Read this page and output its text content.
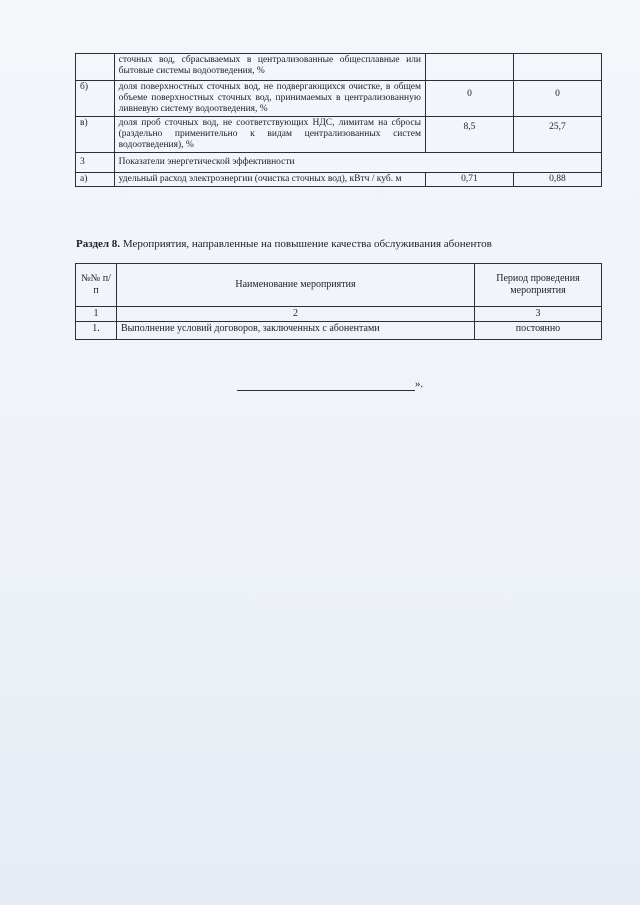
	сточных вод, сбрасываемых в централизованные общесплавные или бытовые системы водоотведения, %		
б)	доля поверхностных сточных вод, не подвергающихся очистке, в общем объеме поверхностных сточных вод, принимаемых в централизованную ливневую систему водоотведения, %	0	0
в)	доля проб сточных вод, не соответствующих НДС, лимитам на сбросы (раздельно применительно к видам централизованных систем водоотведения), %	8,5	25,7
3	Показатели энергетической эффективности		
а)	удельный расход электроэнергии (очистка сточных вод), кВтч / куб. м	0,71	0,88
Раздел 8. Мероприятия, направленные на повышение качества обслуживания абонентов
№№ п/п	Наименование мероприятия	Период проведения мероприятия
1	2	3
1.	Выполнение условий договоров, заключенных с абонентами	постоянно
».
